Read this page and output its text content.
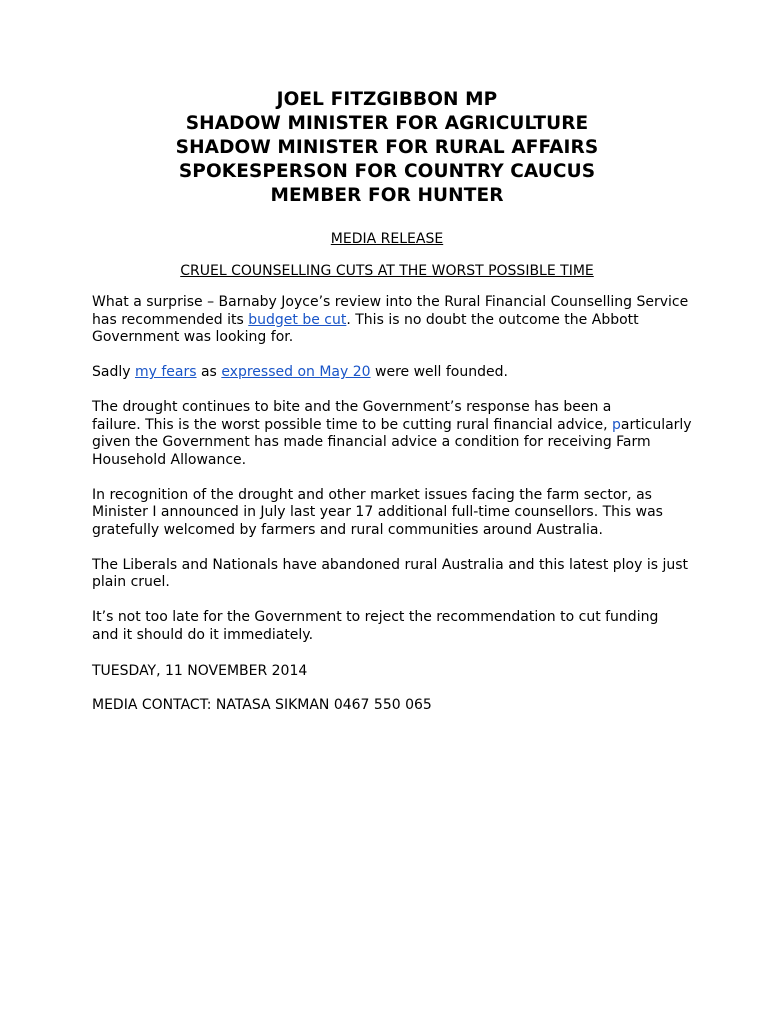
JOEL FITZGIBBON MP
SHADOW MINISTER FOR AGRICULTURE
SHADOW MINISTER FOR RURAL AFFAIRS
SPOKESPERSON FOR COUNTRY CAUCUS
MEMBER FOR HUNTER
MEDIA RELEASE
CRUEL COUNSELLING CUTS AT THE WORST POSSIBLE TIME
What a surprise – Barnaby Joyce’s review into the Rural Financial Counselling Service
has recommended its budget be cut. This is no doubt the outcome the Abbott
Government was looking for.
Sadly my fears as expressed on May 20 were well founded.
The drought continues to bite and the Government’s response has been a
failure. This is the worst possible time to be cutting rural financial advice, particularly
given the Government has made financial advice a condition for receiving Farm
Household Allowance.
In recognition of the drought and other market issues facing the farm sector, as
Minister I announced in July last year 17 additional full-time counsellors. This was
gratefully welcomed by farmers and rural communities around Australia.
The Liberals and Nationals have abandoned rural Australia and this latest ploy is just
plain cruel.
It’s not too late for the Government to reject the recommendation to cut funding
and it should do it immediately.
TUESDAY, 11 NOVEMBER 2014
MEDIA CONTACT: NATASA SIKMAN 0467 550 065
